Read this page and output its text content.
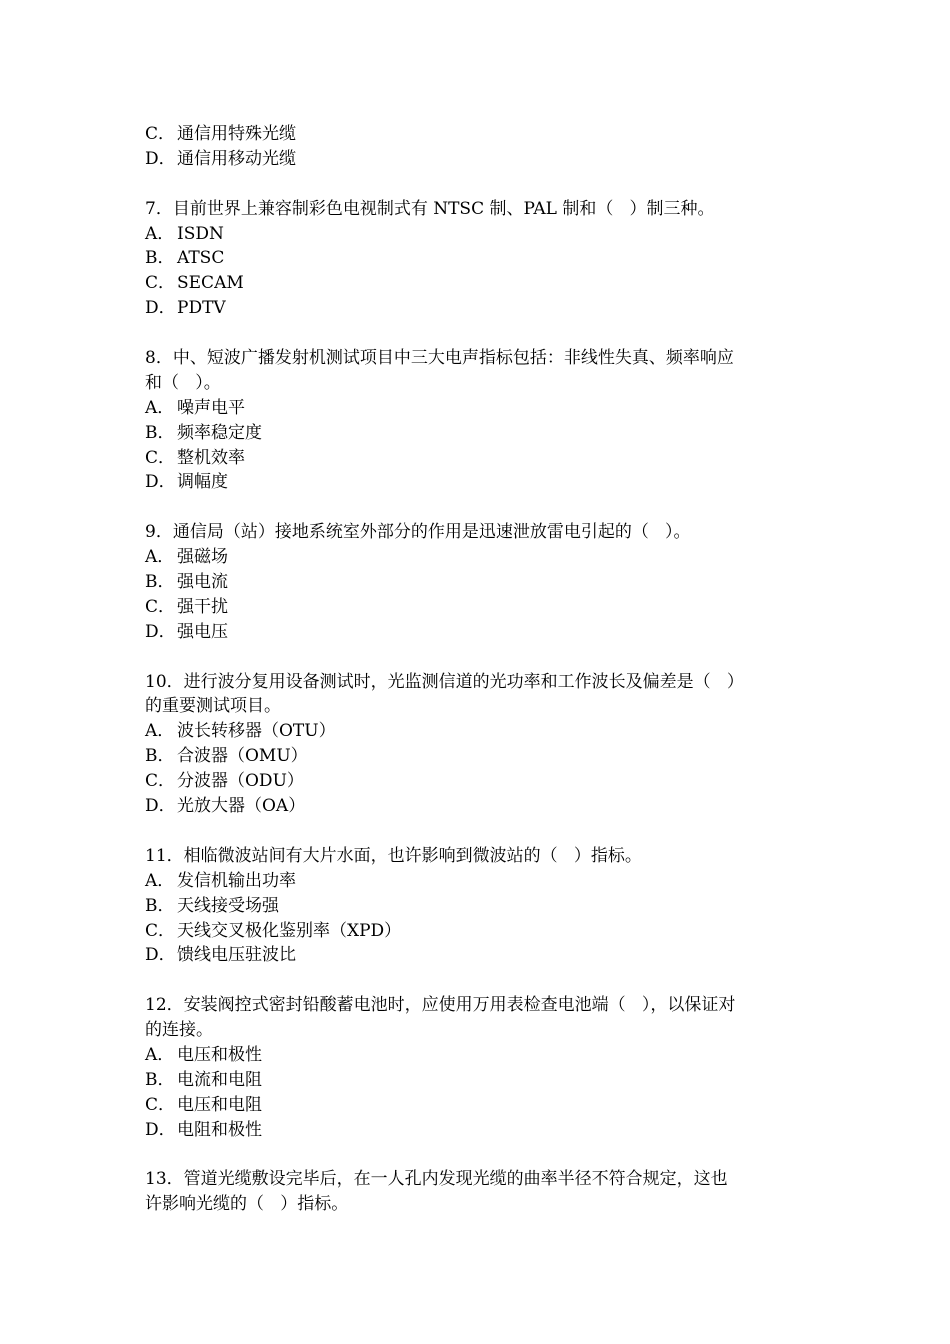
C． 通信用特殊光缆
D．通信用移动光缆
7．目前世界上兼容制彩色电视制式有 NTSC 制、PAL 制和（   ）制三种。
A． ISDN
B． ATSC
C． SECAM
D．PDTV
8．中、短波广播发射机测试项目中三大电声指标包括：非线性失真、频率响应
和（   ）。
A． 噪声电平
B． 频率稳定度
C． 整机效率
D．调幅度
9．通信局（站）接地系统室外部分的作用是迅速泄放雷电引起的（   ）。
A． 强磁场
B． 强电流
C． 强干扰
D．强电压
10．进行波分复用设备测试时，光监测信道的光功率和工作波长及偏差是（   ）
的重要测试项目。
A． 波长转移器（OTU）
B． 合波器（OMU）
C． 分波器（ODU）
D．光放大器（OA）
11．相临微波站间有大片水面，也许影响到微波站的（   ）指标。
A． 发信机输出功率
B． 天线接受场强
C． 天线交叉极化鉴别率（XPD）
D．馈线电压驻波比
12．安装阀控式密封铅酸蓄电池时，应使用万用表检查电池端（   ），以保证对
的连接。
A． 电压和极性
B． 电流和电阻
C． 电压和电阻
D．电阻和极性
13．管道光缆敷设完毕后，在一人孔内发现光缆的曲率半径不符合规定，这也
许影响光缆的（   ）指标。
